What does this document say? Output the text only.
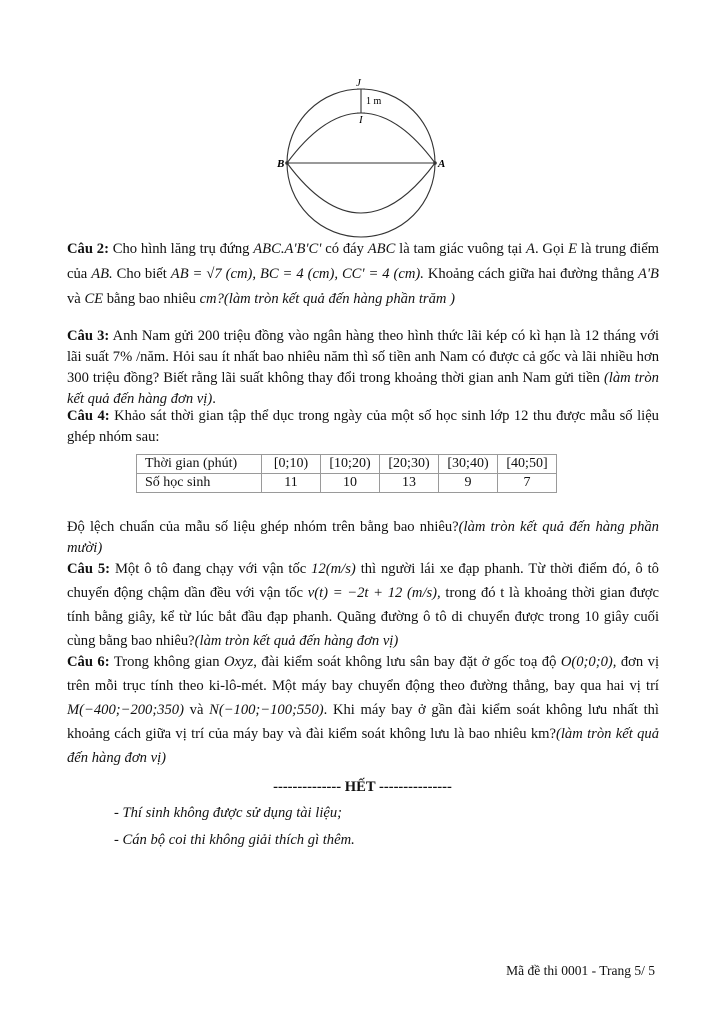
J
I
1 m
B	A
Câu 2: Cho hình lăng trụ đứng ABC.A'B'C' có đáy ABC là tam giác vuông tại A. Gọi E là trung điểm của AB. Cho biết AB = √7 (cm), BC = 4 (cm), CC' = 4 (cm). Khoảng cách giữa hai đường thẳng A'B và CE bằng bao nhiêu cm?(làm tròn kết quả đến hàng phần trăm )
Câu 3: Anh Nam gửi 200 triệu đồng vào ngân hàng theo hình thức lãi kép có kì hạn là 12 tháng với lãi suất 7% /năm. Hỏi sau ít nhất bao nhiêu năm thì số tiền anh Nam có được cả gốc và lãi nhiều hơn 300 triệu đồng? Biết rằng lãi suất không thay đổi trong khoảng thời gian anh Nam gửi tiền (làm tròn kết quả đến hàng đơn vị).
Câu 4: Khảo sát thời gian tập thể dục trong ngày của một số học sinh lớp 12 thu được mẫu số liệu ghép nhóm sau:
Thời gian (phút)	[0;10)	[10;20)	[20;30)	[30;40)	[40;50]
Số học sinh	11	10	13	9	7
Độ lệch chuẩn của mẫu số liệu ghép nhóm trên bằng bao nhiêu?(làm tròn kết quả đến hàng phần mười)
Câu 5: Một ô tô đang chạy với vận tốc 12(m/s) thì người lái xe đạp phanh. Từ thời điểm đó, ô tô chuyển động chậm dần đều với vận tốc v(t) = −2t + 12 (m/s), trong đó t là khoảng thời gian được tính bằng giây, kể từ lúc bắt đầu đạp phanh. Quãng đường ô tô di chuyển được trong 10 giây cuối cùng bằng bao nhiêu?(làm tròn kết quả đến hàng đơn vị)
Câu 6: Trong không gian Oxyz, đài kiểm soát không lưu sân bay đặt ở gốc toạ độ O(0;0;0), đơn vị trên mỗi trục tính theo ki-lô-mét. Một máy bay chuyển động theo đường thẳng, bay qua hai vị trí M(−400;−200;350) và N(−100;−100;550). Khi máy bay ở gần đài kiểm soát không lưu nhất thì khoảng cách giữa vị trí của máy bay và đài kiểm soát không lưu là bao nhiêu km?(làm tròn kết quả đến hàng đơn vị)
-------------- HẾT ---------------
- Thí sinh không được sử dụng tài liệu;
- Cán bộ coi thi không giải thích gì thêm.
Mã đề thi 0001 - Trang 5/ 5
